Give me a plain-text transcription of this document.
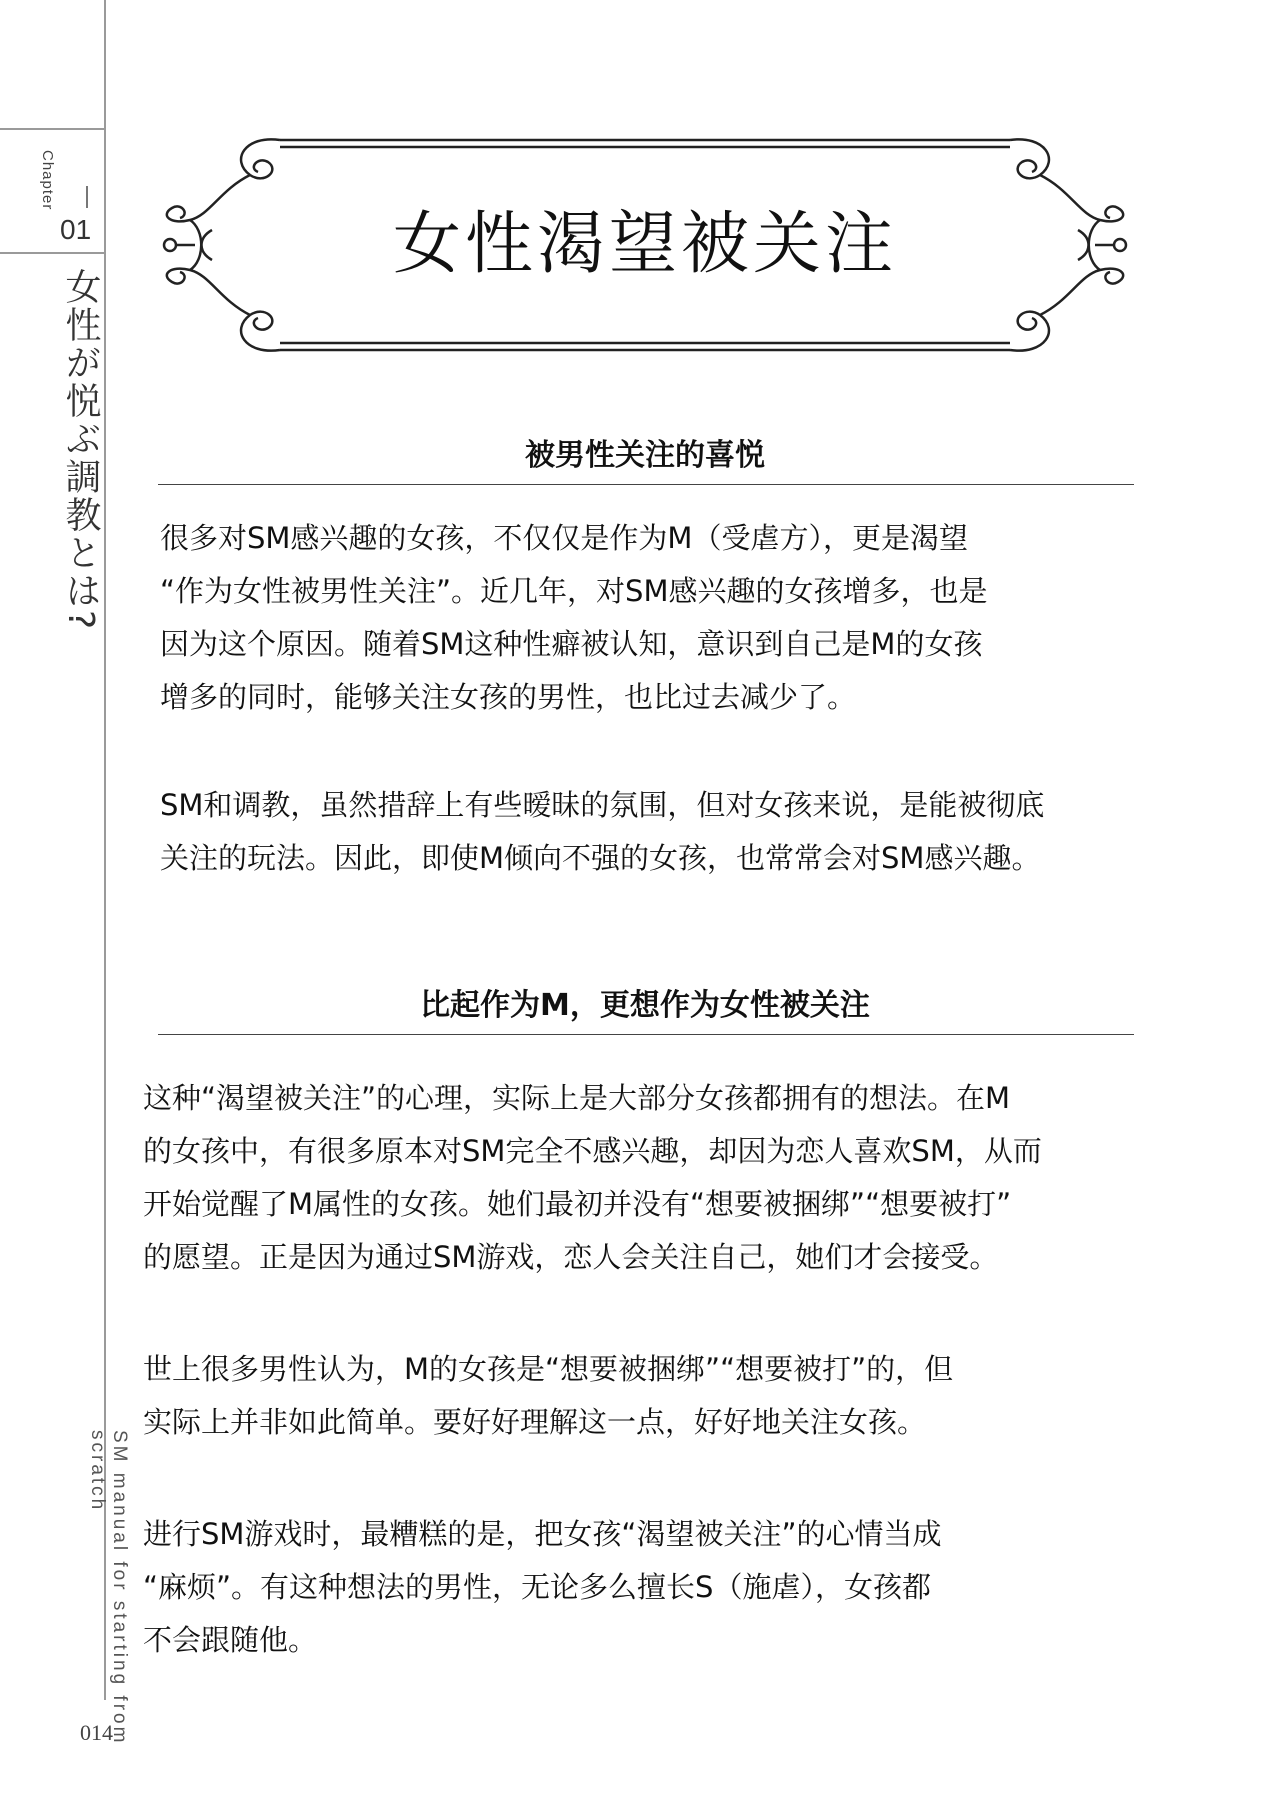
Chapter
01
女性が悦ぶ調教とは?
SM manual for starting from scratch
014
女性渴望被关注
被男性关注的喜悦

很多对SM感兴趣的女孩，不仅仅是作为M（受虐方），更是渴望
“作为女性被男性关注”。近几年，对SM感兴趣的女孩增多，也是
因为这个原因。随着SM这种性癖被认知，意识到自己是M的女孩
增多的同时，能够关注女孩的男性，也比过去减少了。

SM和调教，虽然措辞上有些暧昧的氛围，但对女孩来说，是能被彻底
关注的玩法。因此，即使M倾向不强的女孩，也常常会对SM感兴趣。

比起作为M，更想作为女性被关注

这种“渴望被关注”的心理，实际上是大部分女孩都拥有的想法。在M
的女孩中，有很多原本对SM完全不感兴趣，却因为恋人喜欢SM，从而
开始觉醒了M属性的女孩。她们最初并没有“想要被捆绑”“想要被打”
的愿望。正是因为通过SM游戏，恋人会关注自己，她们才会接受。

世上很多男性认为，M的女孩是“想要被捆绑”“想要被打”的，但
实际上并非如此简单。要好好理解这一点，好好地关注女孩。

进行SM游戏时，最糟糕的是，把女孩“渴望被关注”的心情当成
“麻烦”。有这种想法的男性，无论多么擅长S（施虐），女孩都
不会跟随他。
